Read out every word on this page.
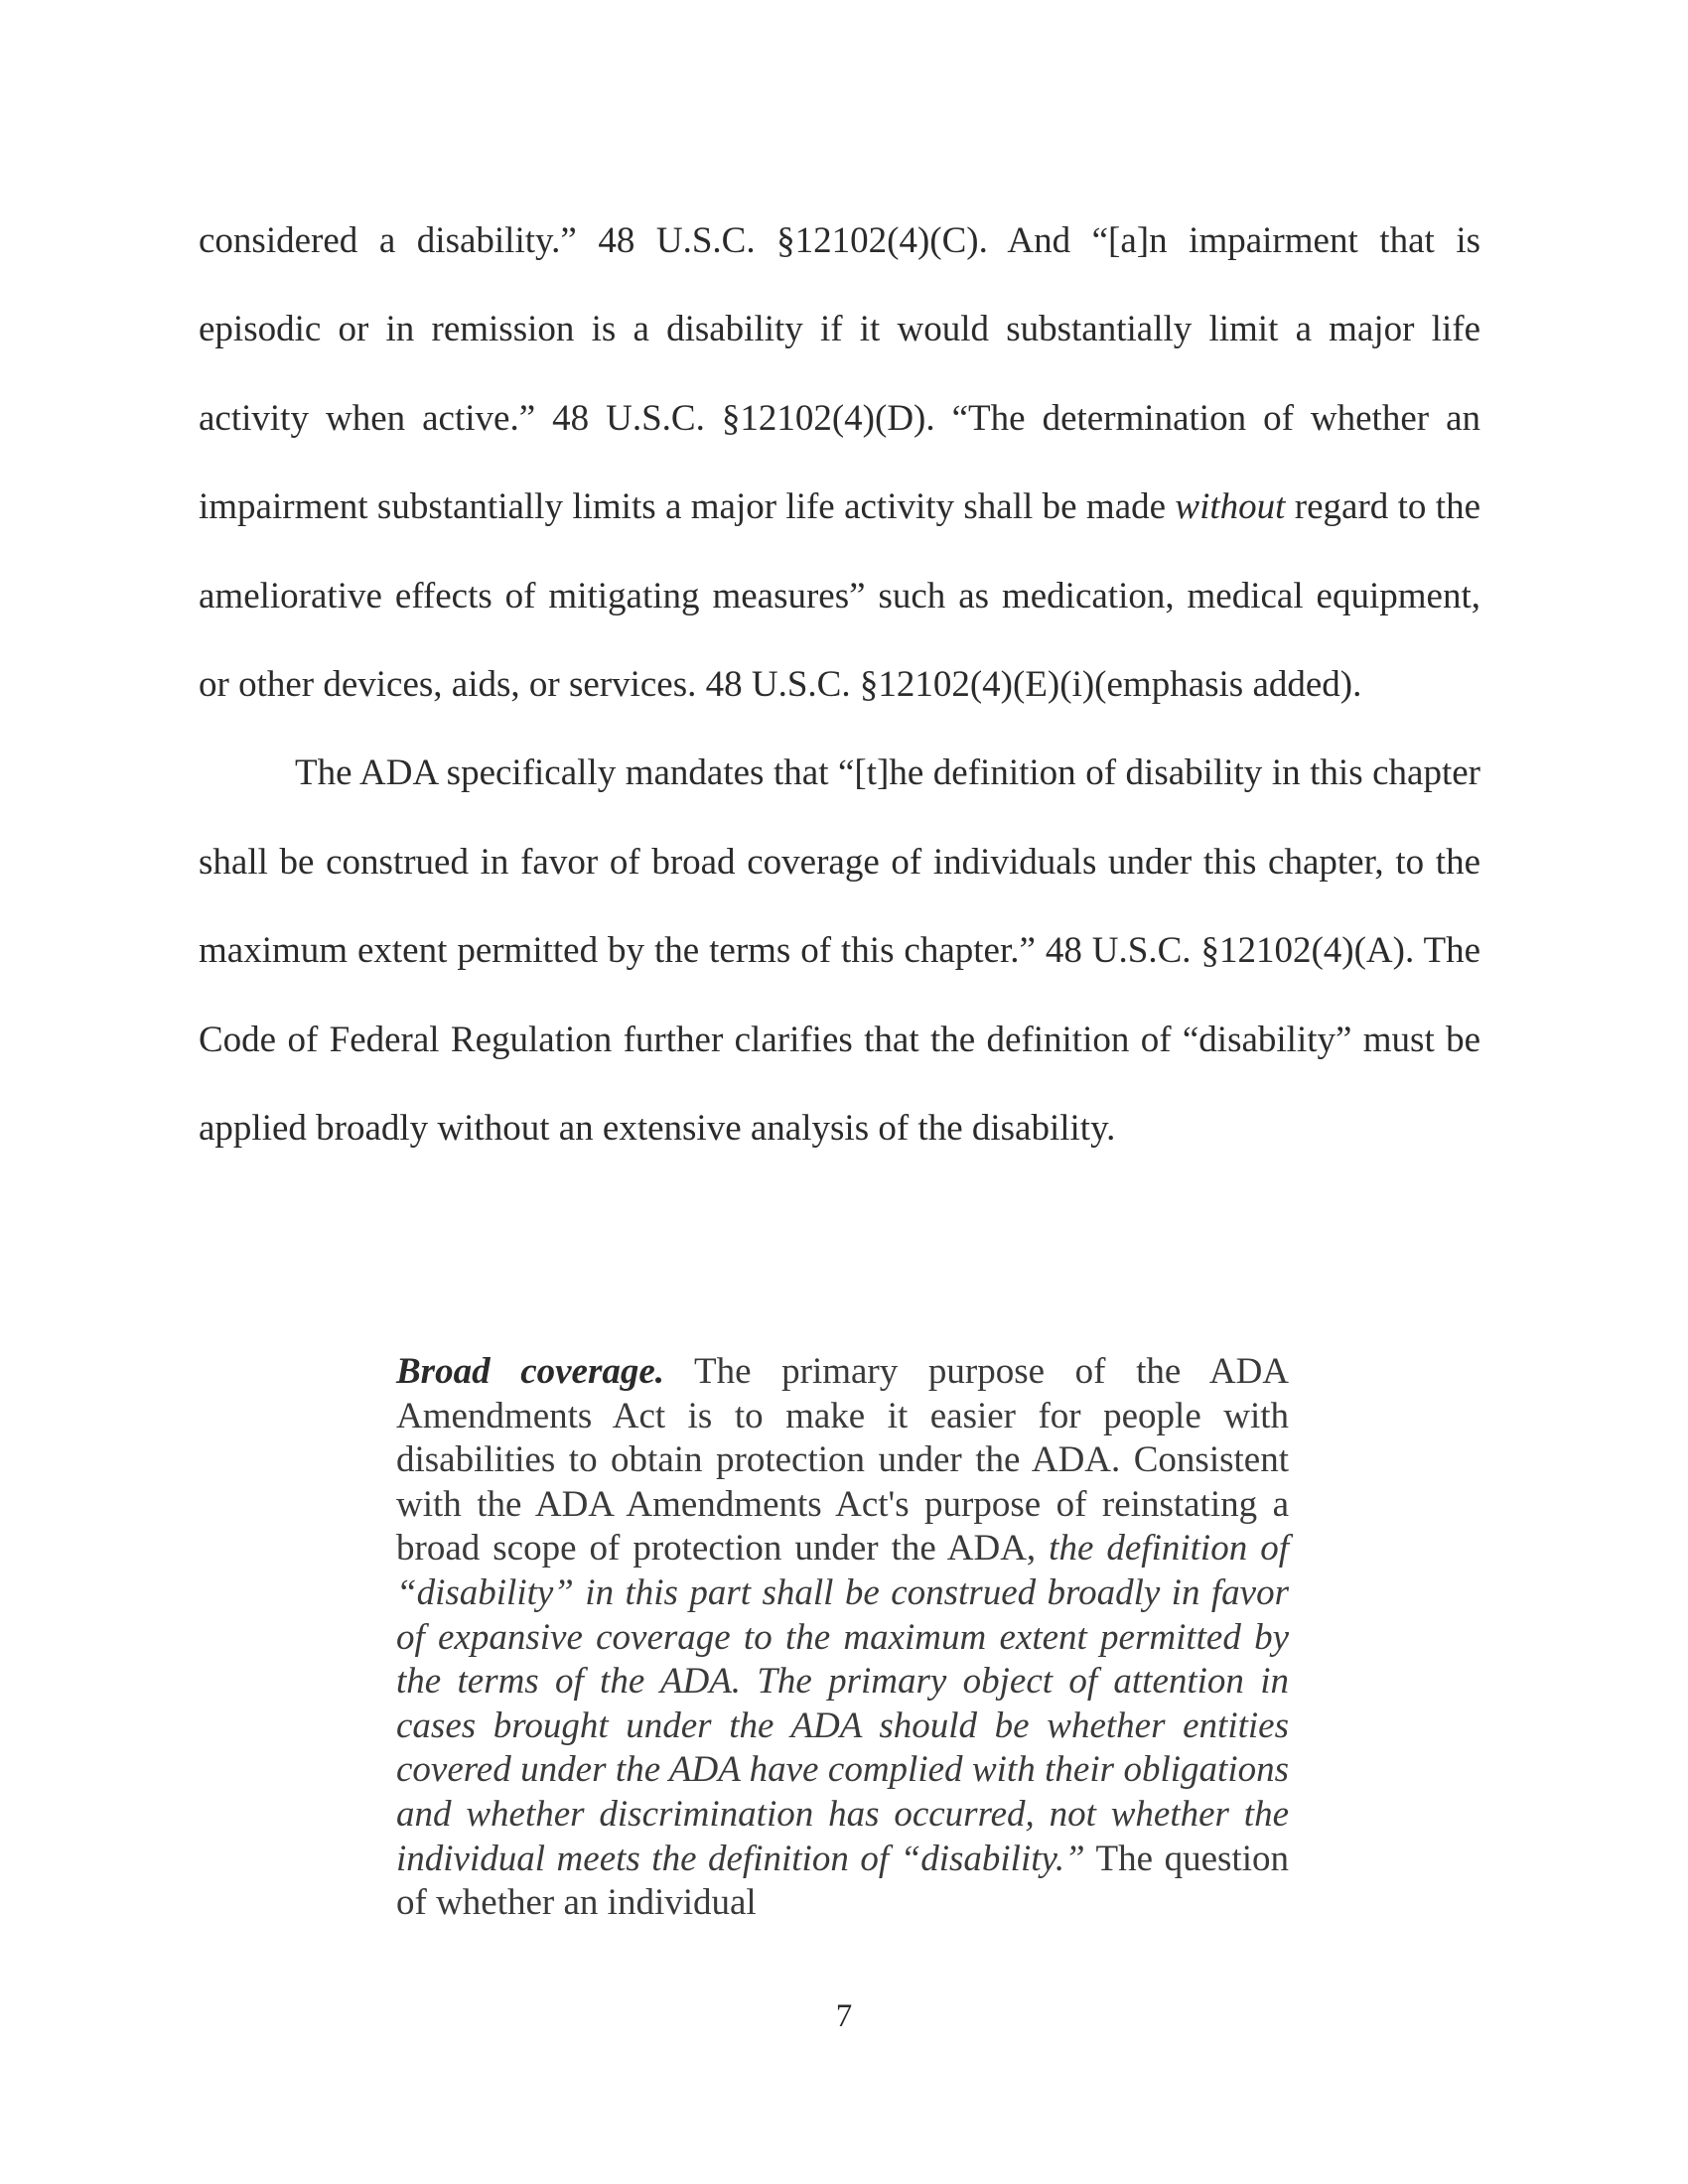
considered a disability.” 48 U.S.C. §12102(4)(C). And “[a]n impairment that is episodic or in remission is a disability if it would substantially limit a major life activity when active.” 48 U.S.C. §12102(4)(D). “The determination of whether an impairment substantially limits a major life activity shall be made without regard to the ameliorative effects of mitigating measures” such as medication, medical equipment, or other devices, aids, or services. 48 U.S.C. §12102(4)(E)(i)(emphasis added).

The ADA specifically mandates that “[t]he definition of disability in this chapter shall be construed in favor of broad coverage of individuals under this chapter, to the maximum extent permitted by the terms of this chapter.” 48 U.S.C. §12102(4)(A). The Code of Federal Regulation further clarifies that the definition of “disability” must be applied broadly without an extensive analysis of the disability.

Broad coverage. The primary purpose of the ADA Amendments Act is to make it easier for people with disabilities to obtain protection under the ADA. Consistent with the ADA Amendments Act's purpose of reinstating a broad scope of protection under the ADA, the definition of “disability” in this part shall be construed broadly in favor of expansive coverage to the maximum extent permitted by the terms of the ADA. The primary object of attention in cases brought under the ADA should be whether entities covered under the ADA have complied with their obligations and whether discrimination has occurred, not whether the individual meets the definition of “disability.” The question of whether an individual

7
